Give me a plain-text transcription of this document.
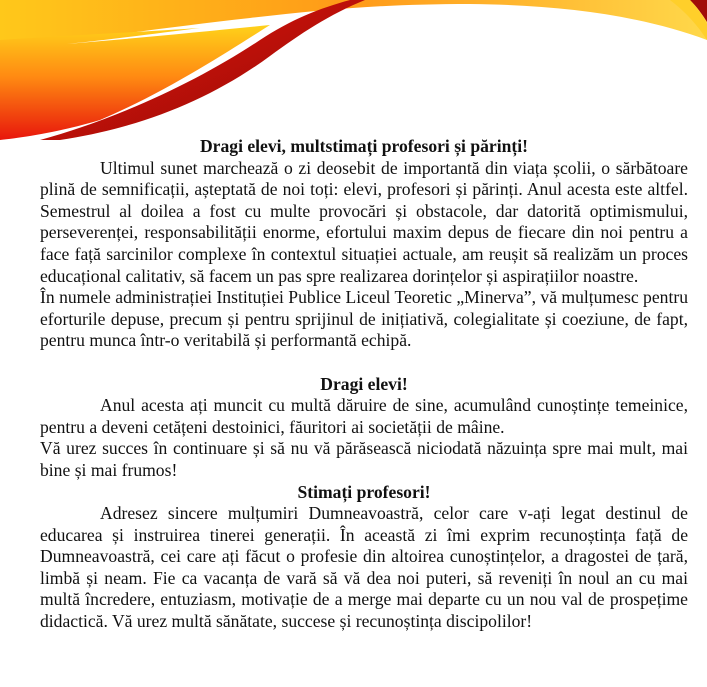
Dragi elevi, multstimați profesori și părinți!

Ultimul sunet marchează o zi deosebit de importantă din viața școlii, o sărbătoare plină de semnificații, așteptată de noi toți: elevi, profesori și părinți. Anul acesta este altfel. Semestrul al doilea a fost cu multe provocări și obstacole, dar datorită optimismului, perseverenței, responsabilității enorme, efortului maxim depus de fiecare din noi pentru a face față sarcinilor complexe în contextul situației actuale, am reușit să realizăm un proces educațional calitativ, să facem un pas spre realizarea dorințelor și aspirațiilor noastre.

În numele administrației Instituției Publice Liceul Teoretic „Minerva”, vă mulțumesc pentru eforturile depuse, precum și pentru sprijinul de inițiativă, colegialitate și coeziune, de fapt, pentru munca într-o veritabilă și performantă echipă.

Dragi elevi!

Anul acesta ați muncit cu multă dăruire de sine, acumulând cunoștințe temeinice, pentru a deveni cetățeni destoinici, făuritori ai societății de mâine.

Vă urez succes în continuare și să nu vă părăsească niciodată năzuința spre mai mult, mai bine și mai frumos!

Stimați profesori!

Adresez sincere mulțumiri Dumneavoastră, celor care v-ați legat destinul de educarea și instruirea tinerei generații. În această zi îmi exprim recunoștința față de Dumneavoastră, cei care ați făcut o profesie din altoirea cunoștințelor, a dragostei de țară, limbă și neam. Fie ca vacanța de vară să vă dea noi puteri, să reveniți în noul an cu mai multă încredere, entuziasm, motivație de a merge mai departe cu un nou val de prospețime didactică. Vă urez multă sănătate, succese și recunoștința discipolilor!
